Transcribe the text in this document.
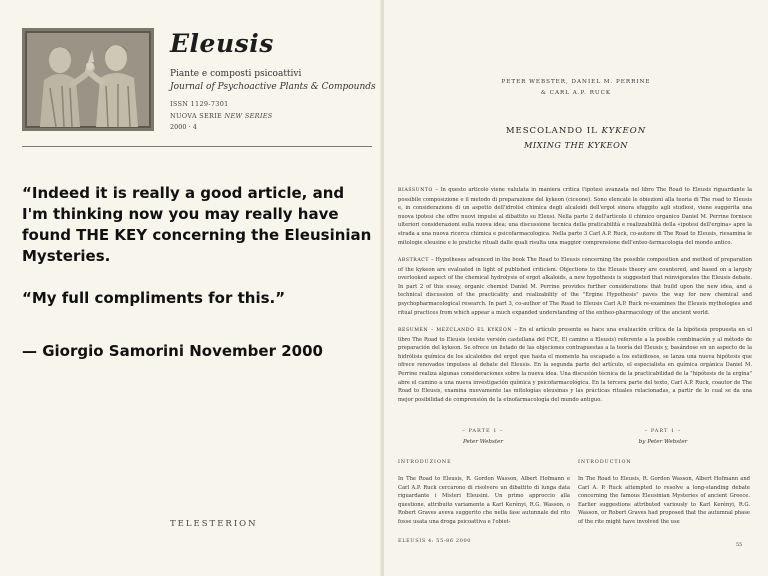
Eleusis
Piante e composti psicoattivi
Journal of Psychoactive Plants & Compounds
ISSN 1129-7301
NUOVA SERIE NEW SERIES
2000 · 4
“Indeed it is really a good article, and I'm thinking now you may really have found THE KEY concerning the Eleusinian Mysteries.
“My full compliments for this.”
— Giorgio Samorini November 2000
TELESTERION
PETER WEBSTER, DANIEL M. PERRINE
& CARL A.P. RUCK
MESCOLANDO IL KYKEON
MIXING THE KYKEON
RIASSUNTO – In questo articolo viene valutata in maniera critica l'ipotesi avanzata nel libro The Road to Eleusis riguardante la possibile composizione e il metodo di preparazione del kykeon (ciceone). Sono elencate le obiezioni alla teoria di The road to Eleusis e, in considerazione di un aspetto dell'idrolisi chimica degli alcaloidi dell'ergot sinora sfuggito agli studiosi, viene suggerita una nuova ipotesi che offre nuovi impulsi al dibattito su Eleusi. Nella parte 2 dell'articolo il chimico organico Daniel M. Perrine fornisce ulteriori considerazioni sulla nuova idea; una discussione tecnica della praticabilità e realizzabilità della «ipotesi dell'ergina» apre la strada a una nuova ricerca chimica e psicofarmacologica. Nella parte 3 Carl A.P. Ruck, co-autore di The Road to Eleusis, riesamina le mitologie eleusine e le pratiche rituali dalle quali risulta una maggior comprensione dell'enteo-farmacologia del mondo antico.
ABSTRACT – Hypotheses advanced in the book The Road to Eleusis concerning the possible composition and method of preparation of the kykeon are evaluated in light of published criticism. Objections to the Eleusis theory are countered, and based on a largely overlooked aspect of the chemical hydrolysis of ergot alkaloids, a new hypothesis is suggested that reinvigorates the Eleusis debate. In part 2 of this essay, organic chemist Daniel M. Perrine provides further considerations that build upon the new idea, and a technical discussion of the practicality and realizability of the "Ergine Hypothesis" paves the way for new chemical and psychopharmacological research. In part 3, co-author of The Road to Eleusis Carl A.P. Ruck re-examines the Eleusis mythologies and ritual practices from which appear a much expanded understanding of the entheo-pharmacology of the ancient world.
RESUMEN – MEZCLANDO EL KYKEON – En el artículo presente se hace una evaluación crítica de la hipótesis propuesta en el libro The Road to Eleusis (existe versión castellana del FCE, El camino a Eleusis) referente a la posible combinación y al método de preparación del kykeon. Se ofrece un listado de las objeciones contrapuestas a la teoría del Eleusis y, basándose en un aspecto de la hidrólisis química de los alcaloides del ergot que hasta el momento ha escapado a los estudiosos, se lanza una nueva hipótesis que ofrece renovados impulsos al debate del Eleusis. En la segunda parte del artículo, el especialista en química orgánica Daniel M. Perrine realiza algunas consideraciones sobre la nueva idea. Una discusión técnica de la practicabilidad de la "hipótesis de la ergina" abre el camino a una nueva investigación química y psicofarmacológica. En la tercera parte del texto, Carl A.P. Ruck, coautor de The Road to Eleusis, examina nuevamente las mitologías eleusinas y las prácticas rituales relacionadas, a partir de lo cual se da una mejor posibilidad de comprensión de la etnofarmacología del mundo antiguo.
– PARTE 1 –
Peter Webster
INTRODUZIONE
In The Road to Eleusis, R. Gordon Wasson, Albert Hofmann e Carl A.P. Ruck cercarono di risolvere un dibattito di lunga data riguardante i Misteri Eleusini. Un primo approccio alla questione, attribuito variamente a Karl Kerényi, R.G. Wasson, o Robert Graves aveva suggerito che nella fase autunnale del rito fosse usata una droga psicoattiva e l'obiet-
– PART 1 –
by Peter Webster
INTRODUCTION
In The Road to Eleusis, R. Gordon Wasson, Albert Hofmann and Carl A. P. Ruck attempted to resolve a long-standing debate concerning the famous Eleusinian Mysteries of ancient Greece. Earlier suggestions attributed variously to Karl Kerényi, R.G. Wasson, or Robert Graves had proposed that the autumnal phase of the rite might have involved the use
ELEUSIS 4: 55-86 2000
55
